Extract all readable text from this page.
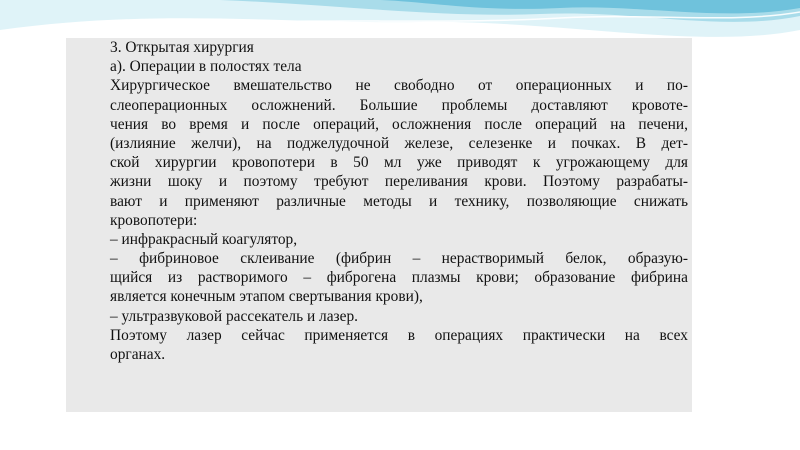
3. Открытая хирургия
а). Операции в полостях тела
Хирургическое вмешательство не свободно от операционных и по-
слеоперационных осложнений. Большие проблемы доставляют кровоте-
чения во время и после операций, осложнения после операций на печени,
(излияние желчи), на поджелудочной железе, селезенке и почках. В дет-
ской хирургии кровопотери в 50 мл уже приводят к угрожающему для
жизни шоку и поэтому требуют переливания крови. Поэтому разрабаты-
вают и применяют различные методы и технику, позволяющие снижать
кровопотери:
– инфракрасный коагулятор,
– фибриновое склеивание (фибрин – нерастворимый белок, образую-
щийся из растворимого – фиброгена плазмы крови; образование фибрина
является конечным этапом свертывания крови),
– ультразвуковой рассекатель и лазер.
Поэтому лазер сейчас применяется в операциях практически на всех
органах.
